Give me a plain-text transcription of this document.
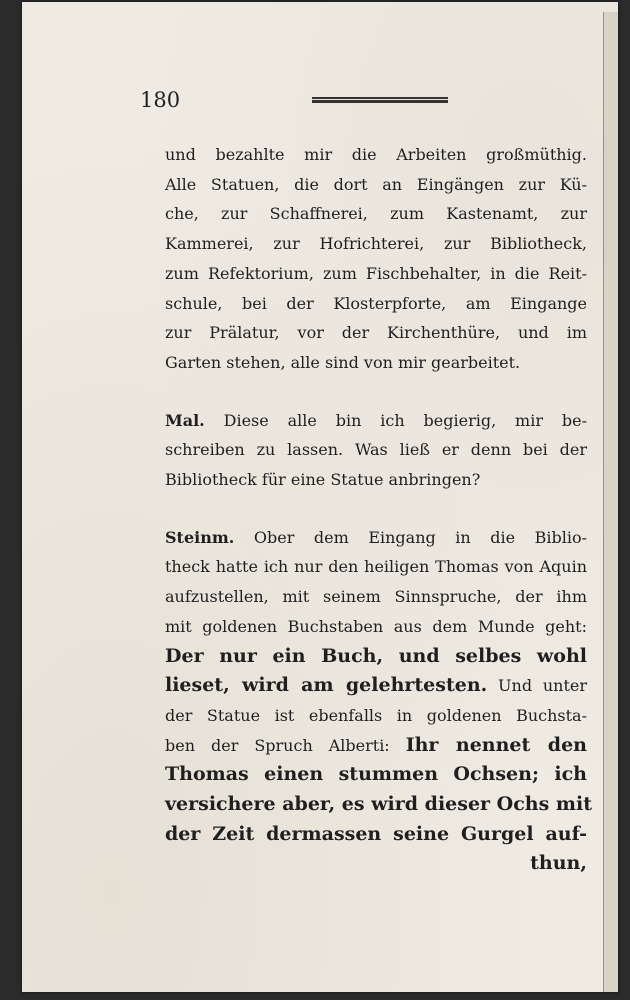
180
und bezahlte mir die Arbeiten großmüthig.
Alle Statuen, die dort an Eingängen zur Kü-
che, zur Schaffnerei, zum Kastenamt, zur
Kammerei, zur Hofrichterei, zur Bibliotheck,
zum Refektorium, zum Fischbehalter, in die Reit-
schule, bei der Klosterpforte, am Eingange
zur Prälatur, vor der Kirchenthüre, und im
Garten stehen, alle sind von mir gearbeitet.
Mal. Diese alle bin ich begierig, mir be-
schreiben zu lassen. Was ließ er denn bei der
Bibliotheck für eine Statue anbringen?
Steinm. Ober dem Eingang in die Biblio-
theck hatte ich nur den heiligen Thomas von Aquin
aufzustellen, mit seinem Sinnspruche, der ihm
mit goldenen Buchstaben aus dem Munde geht:
Der nur ein Buch, und selbes wohl
lieset, wird am gelehrtesten. Und unter
der Statue ist ebenfalls in goldenen Buchsta-
ben der Spruch Alberti: Ihr nennet den
Thomas einen stummen Ochsen; ich
versichere aber, es wird dieser Ochs mit
der Zeit dermassen seine Gurgel auf-
thun,
